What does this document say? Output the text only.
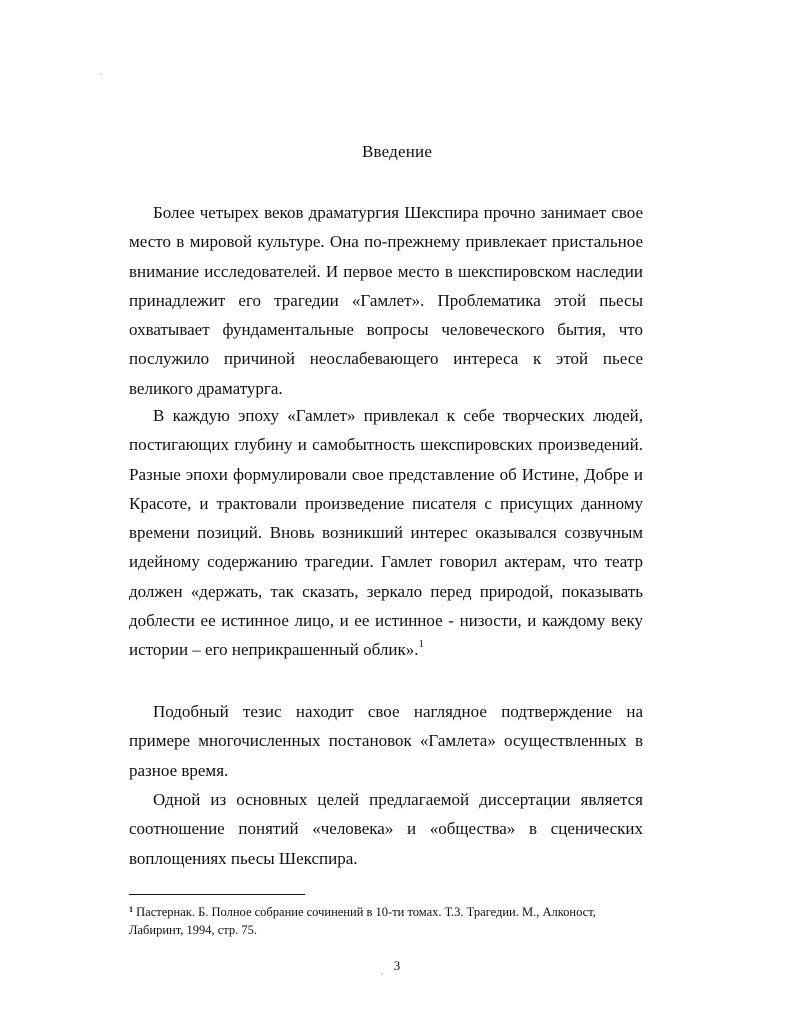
Введение

Более четырех веков драматургия Шекспира прочно занимает свое место в мировой культуре. Она по-прежнему привлекает пристальное внимание исследователей. И первое место в шекспировском наследии принадлежит его трагедии «Гамлет». Проблематика этой пьесы охватывает фундаментальные вопросы человеческого бытия, что послужило причиной неослабевающего интереса к этой пьесе великого драматурга.

В каждую эпоху «Гамлет» привлекал к себе творческих людей, постигающих глубину и самобытность шекспировских произведений. Разные эпохи формулировали свое представление об Истине, Добре и Красоте, и трактовали произведение писателя с присущих данному времени позиций. Вновь возникший интерес оказывался созвучным идейному содержанию трагедии. Гамлет говорил актерам, что театр должен «держать, так сказать, зеркало перед природой, показывать доблести ее истинное лицо, и ее истинное - низости, и каждому веку истории – его неприкрашенный облик».$^1$

Подобный тезис находит свое наглядное подтверждение на примере многочисленных постановок «Гамлета» осуществленных в разное время.

Одной из основных целей предлагаемой диссертации является соотношение понятий «человека» и «общества» в сценических воплощениях пьесы Шекспира.

$^1$ Пастернак. Б. Полное собрание сочинений в 10-ти томах. Т.3. Трагедии. М., Алконост, Лабиринт, 1994, стр. 75.

3
